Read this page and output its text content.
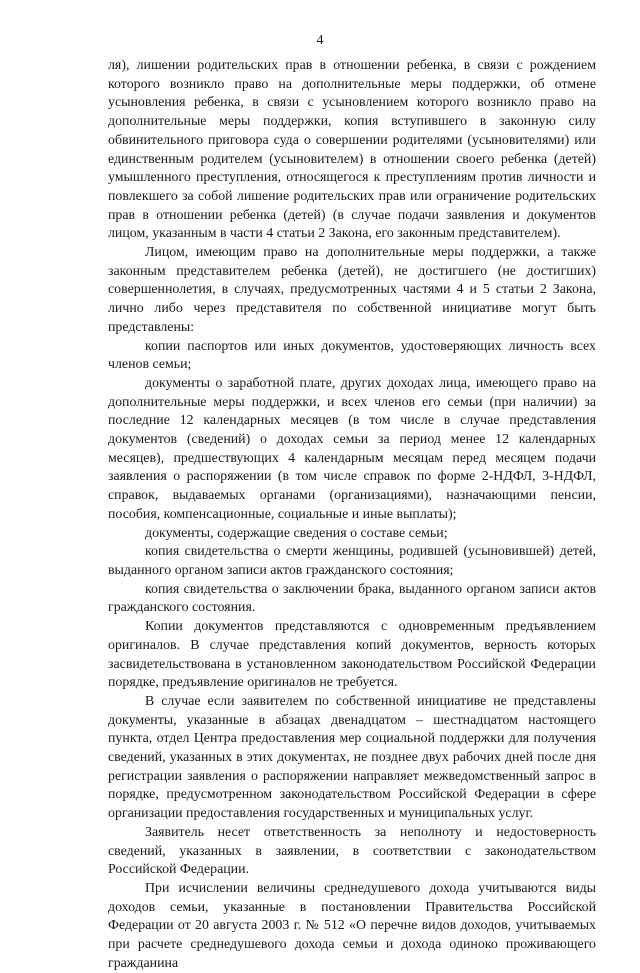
4

ля), лишении родительских прав в отношении ребенка, в связи с рождением которого возникло право на дополнительные меры поддержки, об отмене усыновления ребенка, в связи с усыновлением которого возникло право на дополнительные меры поддержки, копия вступившего в законную силу обвинительного приговора суда о совершении родителями (усыновителями) или единственным родителем (усыновителем) в отношении своего ребенка (детей) умышленного преступления, относящегося к преступлениям против личности и повлекшего за собой лишение родительских прав или ограничение родительских прав в отношении ребенка (детей) (в случае подачи заявления и документов лицом, указанным в части 4 статьи 2 Закона, его законным представителем).

Лицом, имеющим право на дополнительные меры поддержки, а также законным представителем ребенка (детей), не достигшего (не достигших) совершеннолетия, в случаях, предусмотренных частями 4 и 5 статьи 2 Закона, лично либо через представителя по собственной инициативе могут быть представлены:

копии паспортов или иных документов, удостоверяющих личность всех членов семьи;

документы о заработной плате, других доходах лица, имеющего право на дополнительные меры поддержки, и всех членов его семьи (при наличии) за последние 12 календарных месяцев (в том числе в случае представления документов (сведений) о доходах семьи за период менее 12 календарных месяцев), предшествующих 4 календарным месяцам перед месяцем подачи заявления о распоряжении (в том числе справок по форме 2-НДФЛ, 3-НДФЛ, справок, выдаваемых органами (организациями), назначающими пенсии, пособия, компенсационные, социальные и иные выплаты);

документы, содержащие сведения о составе семьи;

копия свидетельства о смерти женщины, родившей (усыновившей) детей, выданного органом записи актов гражданского состояния;

копия свидетельства о заключении брака, выданного органом записи актов гражданского состояния.

Копии документов представляются с одновременным предъявлением оригиналов. В случае представления копий документов, верность которых засвидетельствована в установленном законодательством Российской Федерации порядке, предъявление оригиналов не требуется.

В случае если заявителем по собственной инициативе не представлены документы, указанные в абзацах двенадцатом – шестнадцатом настоящего пункта, отдел Центра предоставления мер социальной поддержки для получения сведений, указанных в этих документах, не позднее двух рабочих дней после дня регистрации заявления о распоряжении направляет межведомственный запрос в порядке, предусмотренном законодательством Российской Федерации в сфере организации предоставления государственных и муниципальных услуг.

Заявитель несет ответственность за неполноту и недостоверность сведений, указанных в заявлении, в соответствии с законодательством Российской Федерации.

При исчислении величины среднедушевого дохода учитываются виды доходов семьи, указанные в постановлении Правительства Российской Федерации от 20 августа 2003 г. № 512 «О перечне видов доходов, учитываемых при расчете среднедушевого дохода семьи и дохода одиноко проживающего гражданина
